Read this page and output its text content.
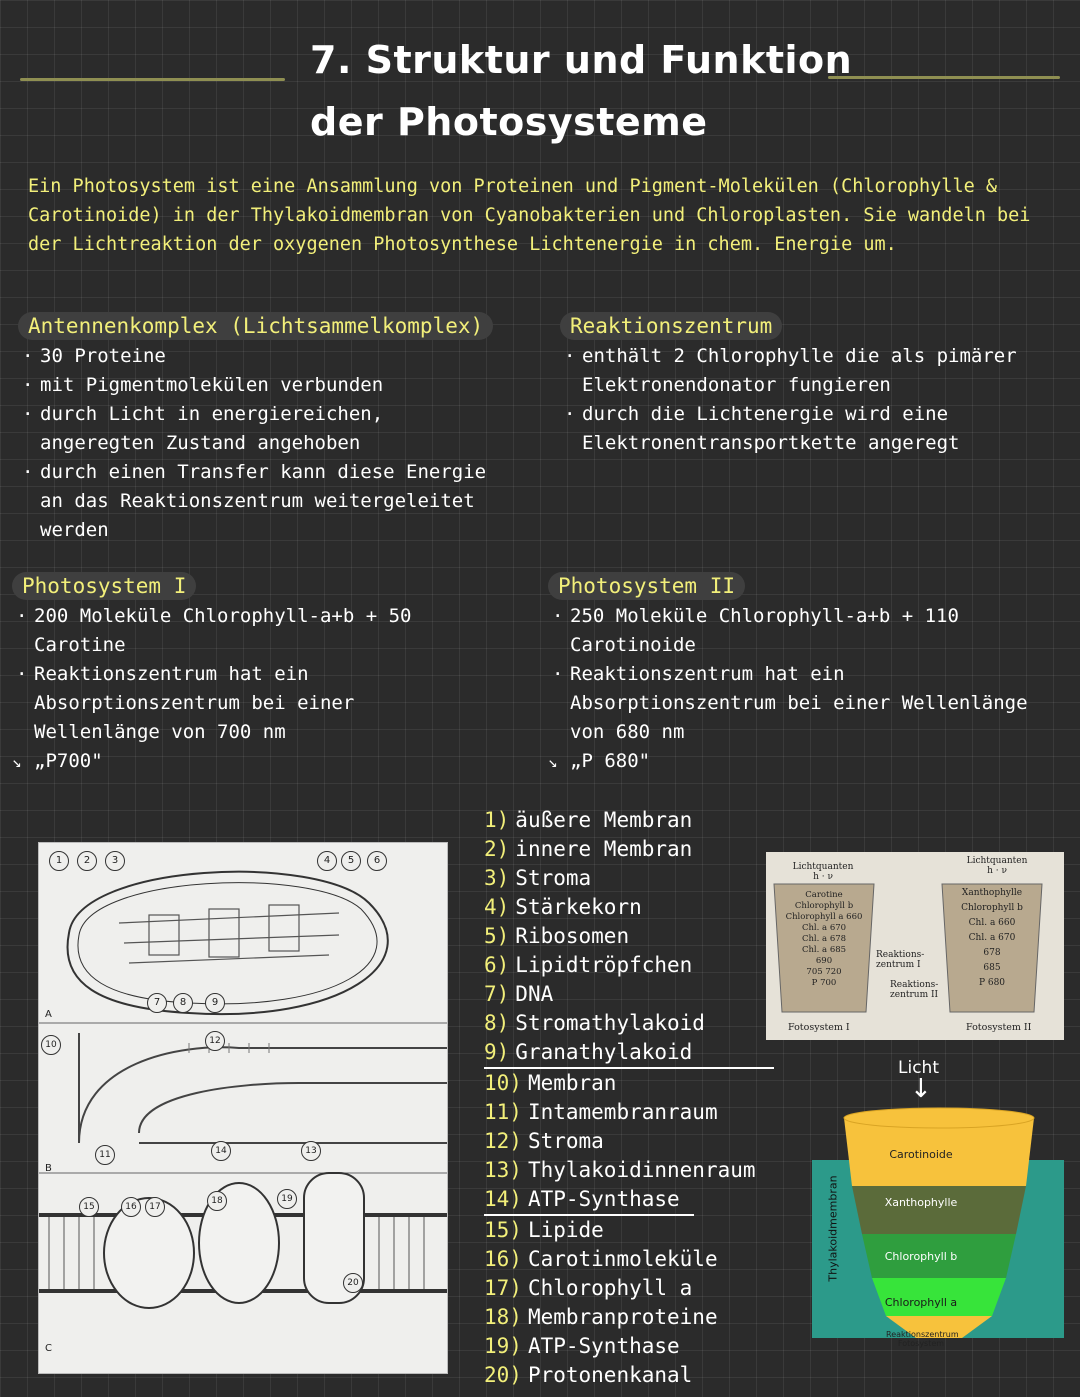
7. Struktur und Funktion
der Photosysteme
Ein Photosystem ist eine Ansammlung von Proteinen und Pigment-Molekülen (Chlorophylle & Carotinoide) in der Thylakoidmembran von Cyanobakterien und Chloroplasten. Sie wandeln bei der Lichtreaktion der oxygenen Photosynthese Lichtenergie in chem. Energie um.
Antennenkomplex (Lichtsammelkomplex)
· 30 Proteine
· mit Pigmentmolekülen verbunden
· durch Licht in energiereichen, angeregten Zustand angehoben
· durch einen Transfer kann diese Energie an das Reaktionszentrum weitergeleitet werden
Reaktionszentrum
· enthält 2 Chlorophylle die als pimärer Elektronendonator fungieren
· durch die Lichtenergie wird eine Elektronentransportkette angeregt
Photosystem I
· 200 Moleküle Chlorophyll-a+b + 50 Carotine
· Reaktionszentrum hat ein Absorptionszentrum bei einer Wellenlänge von 700 nm
↘ „P700"
Photosystem II
· 250 Moleküle Chlorophyll-a+b + 110 Carotinoide
· Reaktionszentrum hat ein Absorptionszentrum bei einer Wellenlänge von 680 nm
↘ „P 680"
1	2	3	4	5	6
7	8	9
10
11
12
13
14
15	16	17
18	19
20
A
B
C
1) äußere Membran
2) innere Membran
3) Stroma
4) Stärkekorn
5) Ribosomen
6) Lipidtröpfchen
7) DNA
8) Stromathylakoid
9) Granathylakoid
10) Membran
11) Intamembranraum
12) Stroma
13) Thylakoidinnenraum
14) ATP-Synthase
15) Lipide
16) Carotinmoleküle
17) Chlorophyll a
18) Membranproteine
19) ATP-Synthase
20) Protonenkanal
Lichtquanten
h · ν
Lichtquanten
h · ν
Carotine
Chlorophyll b
Chlorophyll a 660
Chl. a 670
Chl. a 678
Chl. a 685
690
705 720
P 700
Xanthophylle
Chlorophyll b
Chl. a 660
Chl. a 670
678
685
P 680
Reaktions-zentrum I
Reaktions-zentrum II
Fotosystem I	Fotosystem II
Licht
↓
Thylakoidmembran
Carotinoide
Xanthophylle
Chlorophyll b
Chlorophyll a
Reaktionszentrum Fotosystem
